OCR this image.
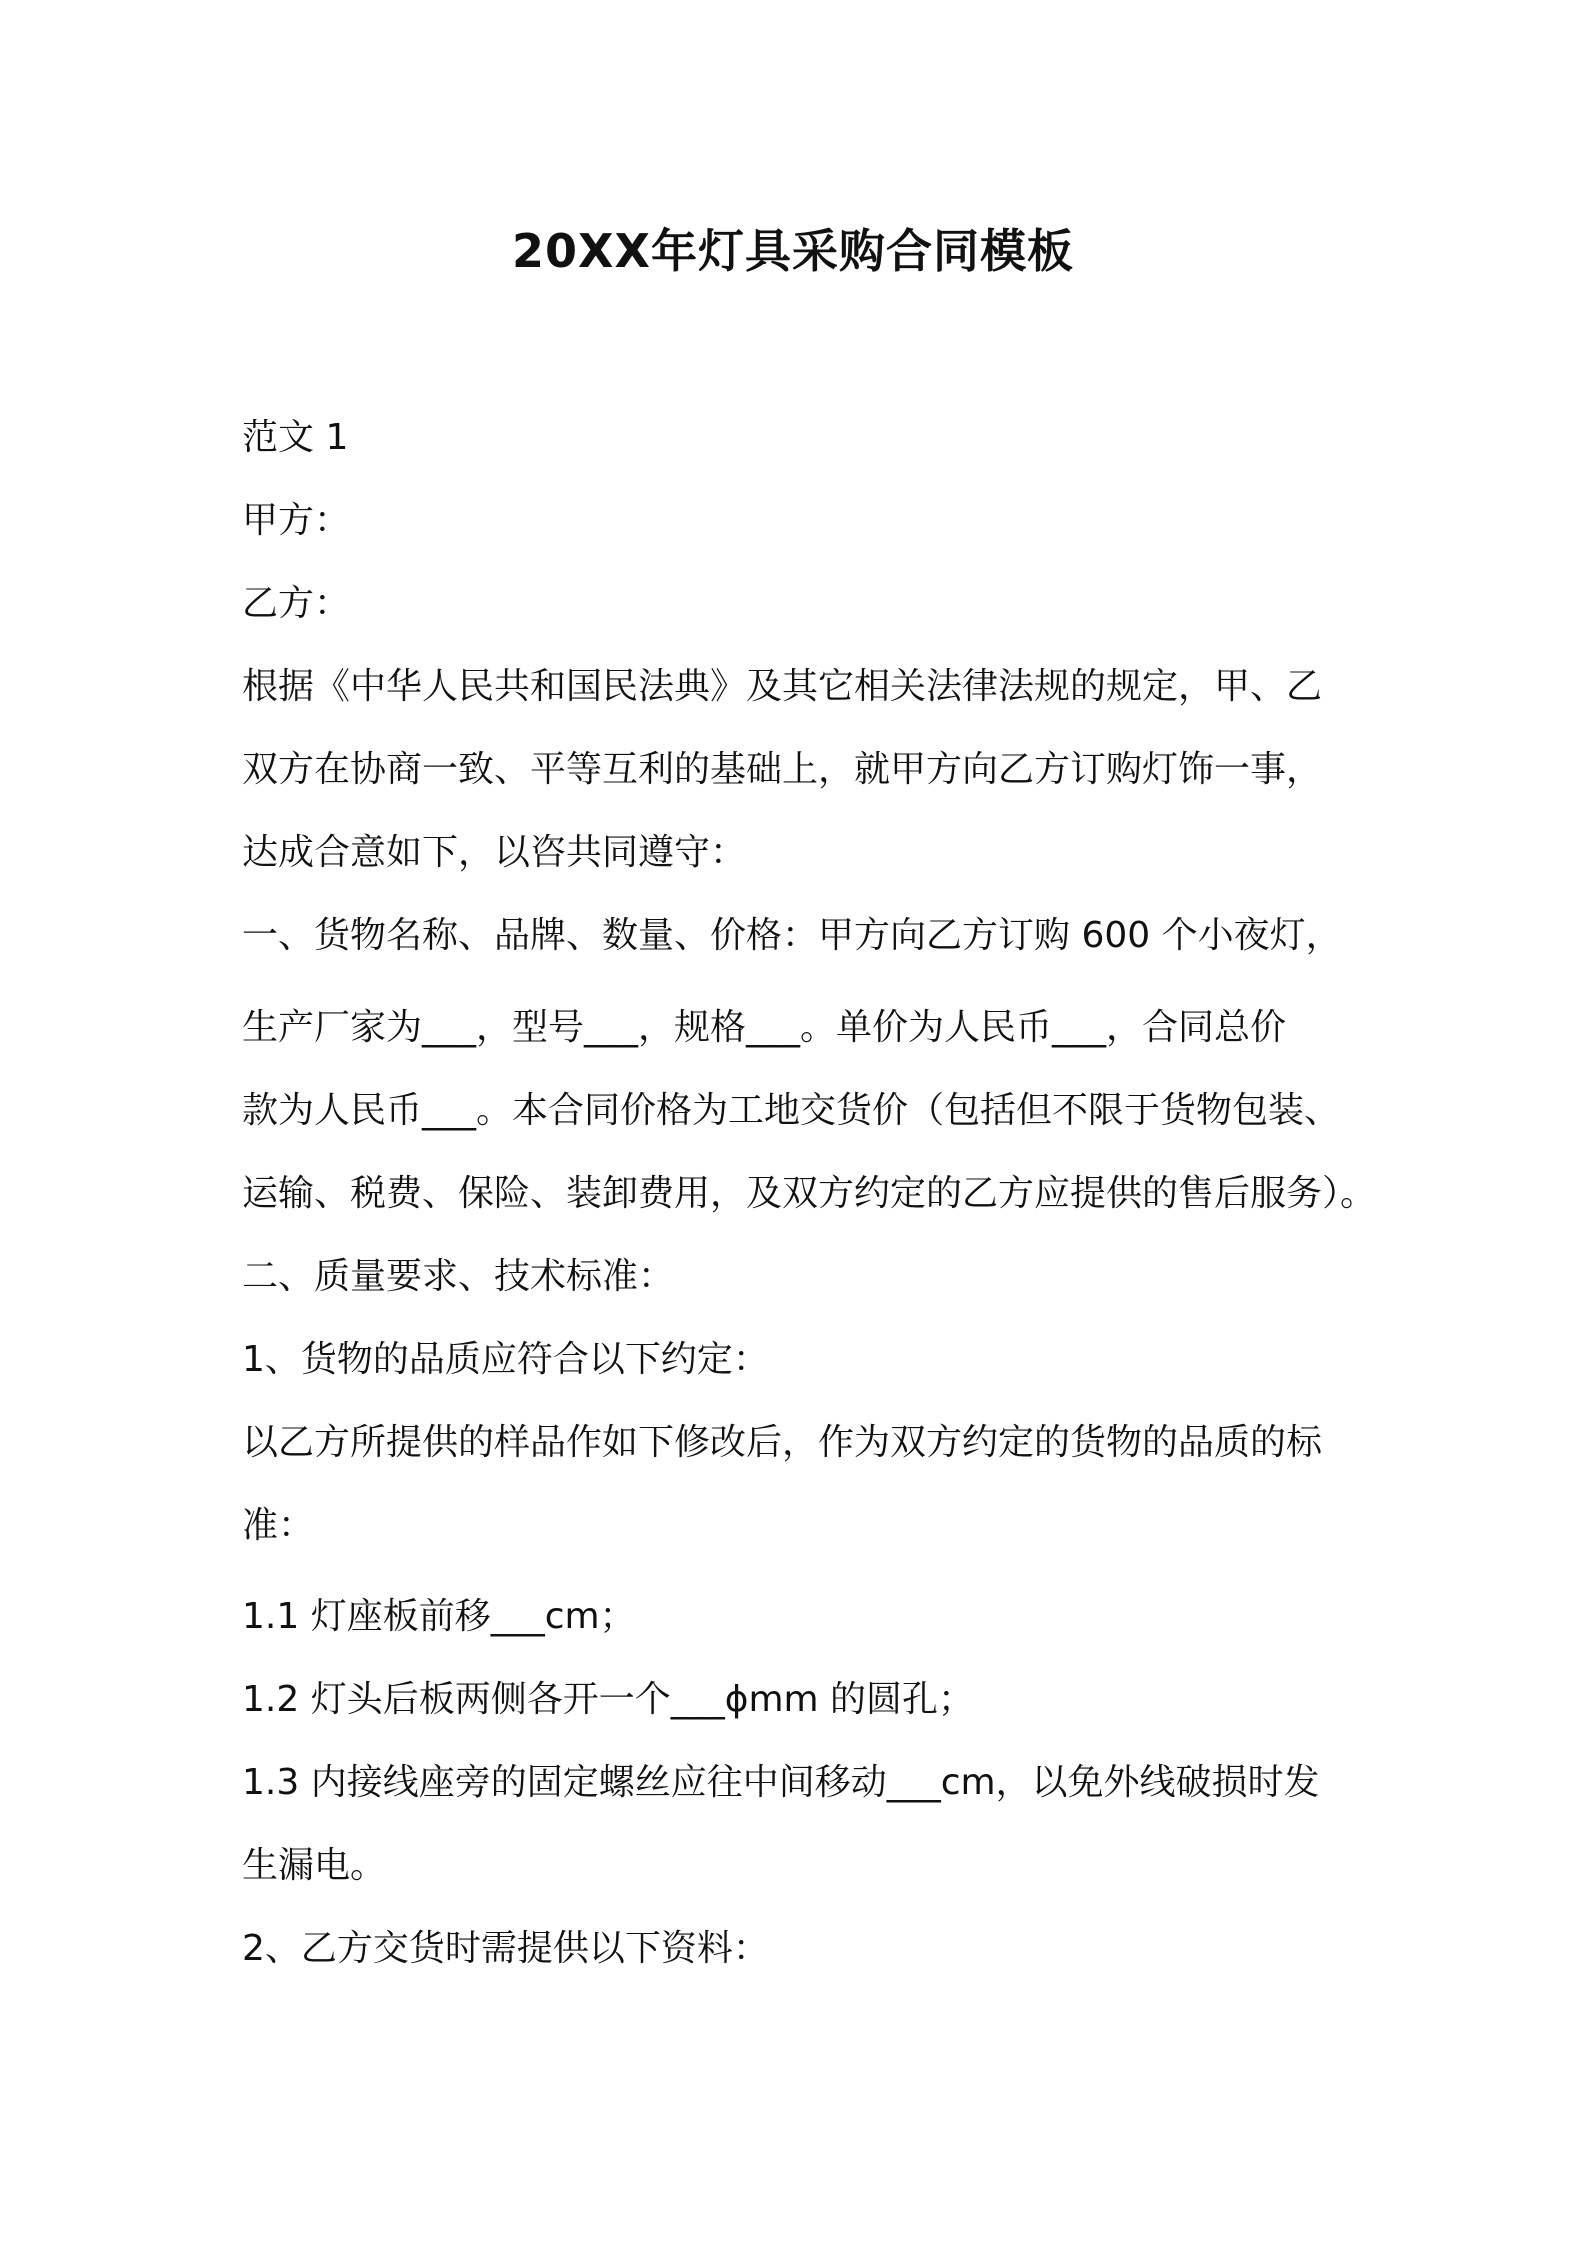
20XX年灯具采购合同模板
范文 1
甲方：
乙方：
根据《中华人民共和国民法典》及其它相关法律法规的规定，甲、乙
双方在协商一致、平等互利的基础上，就甲方向乙方订购灯饰一事，
达成合意如下，以咨共同遵守：
一、货物名称、品牌、数量、价格：甲方向乙方订购 600 个小夜灯，
生产厂家为___，型号___，规格___。单价为人民币___，合同总价
款为人民币___。本合同价格为工地交货价（包括但不限于货物包装、
运输、税费、保险、装卸费用，及双方约定的乙方应提供的售后服务）。
二、质量要求、技术标准：
1、货物的品质应符合以下约定：
以乙方所提供的样品作如下修改后，作为双方约定的货物的品质的标
准：
1.1 灯座板前移___cm；
1.2 灯头后板两侧各开一个___ϕmm 的圆孔；
1.3 内接线座旁的固定螺丝应往中间移动___cm，以免外线破损时发
生漏电。
2、乙方交货时需提供以下资料：
